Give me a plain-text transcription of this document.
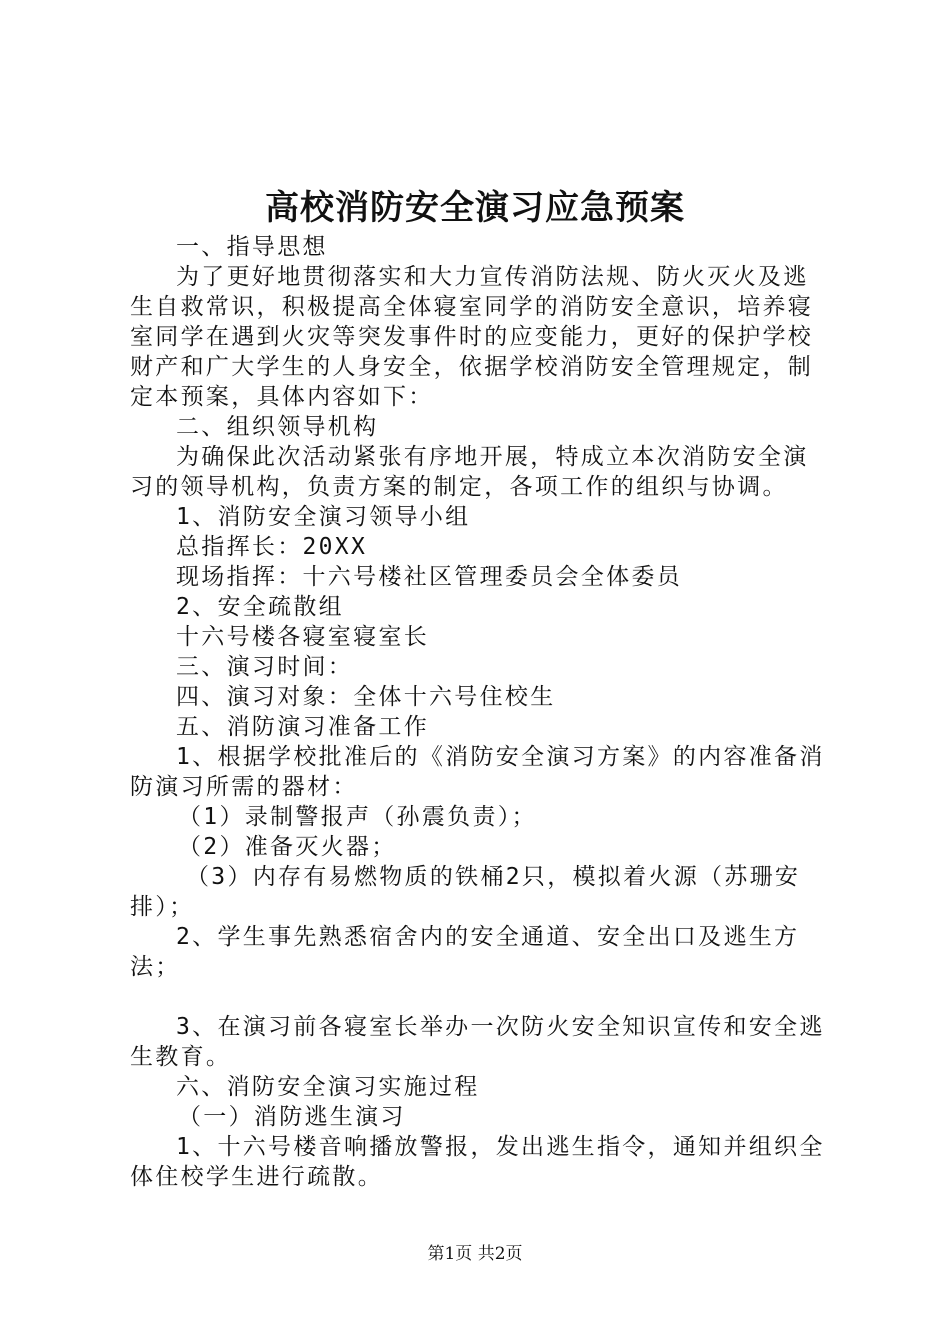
高校消防安全演习应急预案

一、指导思想

为了更好地贯彻落实和大力宣传消防法规、防火灭火及逃生自救常识，积极提高全体寝室同学的消防安全意识，培养寝室同学在遇到火灾等突发事件时的应变能力，更好的保护学校财产和广大学生的人身安全，依据学校消防安全管理规定，制定本预案，具体内容如下：

二、组织领导机构

为确保此次活动紧张有序地开展，特成立本次消防安全演习的领导机构，负责方案的制定，各项工作的组织与协调。

1、消防安全演习领导小组

总指挥长：20XX

现场指挥：十六号楼社区管理委员会全体委员

2、安全疏散组

十六号楼各寝室寝室长

三、演习时间：

四、演习对象：全体十六号住校生

五、消防演习准备工作

1、根据学校批准后的《消防安全演习方案》的内容准备消防演习所需的器材：

（1）录制警报声（孙震负责）；

（2）准备灭火器；

（3）内存有易燃物质的铁桶2只，模拟着火源（苏珊安排）；

2、学生事先熟悉宿舍内的安全通道、安全出口及逃生方法；

3、在演习前各寝室长举办一次防火安全知识宣传和安全逃生教育。

六、消防安全演习实施过程

（一）消防逃生演习

1、十六号楼音响播放警报，发出逃生指令，通知并组织全体住校学生进行疏散。

第1页 共2页
